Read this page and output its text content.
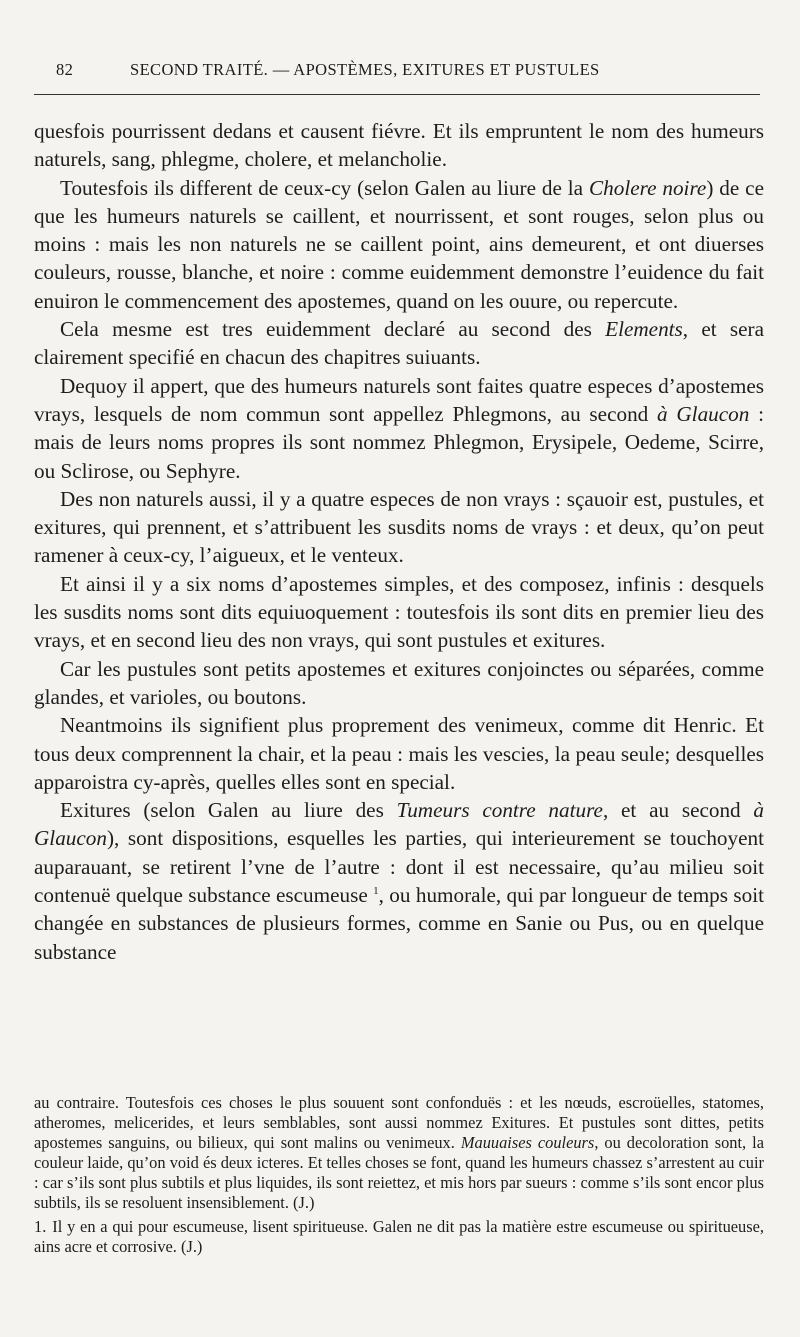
82	SECOND TRAITÉ. — APOSTÈMES, EXITURES ET PUSTULES

quesfois pourrissent dedans et causent fiévre. Et ils empruntent le nom des humeurs naturels, sang, phlegme, cholere, et melancholie.

Toutesfois ils different de ceux-cy (selon Galen au liure de la Cholere noire) de ce que les humeurs naturels se caillent, et nourrissent, et sont rouges, selon plus ou moins : mais les non naturels ne se caillent point, ains demeurent, et ont diuerses couleurs, rousse, blanche, et noire : comme euidemment demonstre l’euidence du fait enuiron le commencement des apostemes, quand on les ouure, ou repercute.

Cela mesme est tres euidemment declaré au second des Elements, et sera clairement specifié en chacun des chapitres suiuants.

Dequoy il appert, que des humeurs naturels sont faites quatre especes d’apostemes vrays, lesquels de nom commun sont appellez Phlegmons, au second à Glaucon : mais de leurs noms propres ils sont nommez Phlegmon, Erysipele, Oedeme, Scirre, ou Sclirose, ou Sephyre.

Des non naturels aussi, il y a quatre especes de non vrays : sçauoir est, pustules, et exitures, qui prennent, et s’attribuent les susdits noms de vrays : et deux, qu’on peut ramener à ceux-cy, l’aigueux, et le venteux.

Et ainsi il y a six noms d’apostemes simples, et des composez, infinis : desquels les susdits noms sont dits equiuoquement : toutesfois ils sont dits en premier lieu des vrays, et en second lieu des non vrays, qui sont pustules et exitures.

Car les pustules sont petits apostemes et exitures conjoinctes ou séparées, comme glandes, et varioles, ou boutons.

Neantmoins ils signifient plus proprement des venimeux, comme dit Henric. Et tous deux comprennent la chair, et la peau : mais les vescies, la peau seule; desquelles apparoistra cy-après, quelles elles sont en special.

Exitures (selon Galen au liure des Tumeurs contre nature, et au second à Glaucon), sont dispositions, esquelles les parties, qui interieurement se touchoyent auparauant, se retirent l’vne de l’autre : dont il est necessaire, qu’au milieu soit contenuë quelque substance escumeuse $^1$, ou humorale, qui par longueur de temps soit changée en substances de plusieurs formes, comme en Sanie ou Pus, ou en quelque substance

au contraire. Toutesfois ces choses le plus souuent sont confonduës : et les nœuds, escroüelles, statomes, atheromes, melicerides, et leurs semblables, sont aussi nommez Exitures. Et pustules sont dittes, petits apostemes sanguins, ou bilieux, qui sont malins ou venimeux. Mauuaises couleurs, ou decoloration sont, la couleur laide, qu’on void és deux icteres. Et telles choses se font, quand les humeurs chassez s’arrestent au cuir : car s’ils sont plus subtils et plus liquides, ils sont reiettez, et mis hors par sueurs : comme s’ils sont encor plus subtils, ils se resoluent insensiblement. (J.)

1. Il y en a qui pour escumeuse, lisent spiritueuse. Galen ne dit pas la matière estre escumeuse ou spiritueuse, ains acre et corrosive. (J.)
